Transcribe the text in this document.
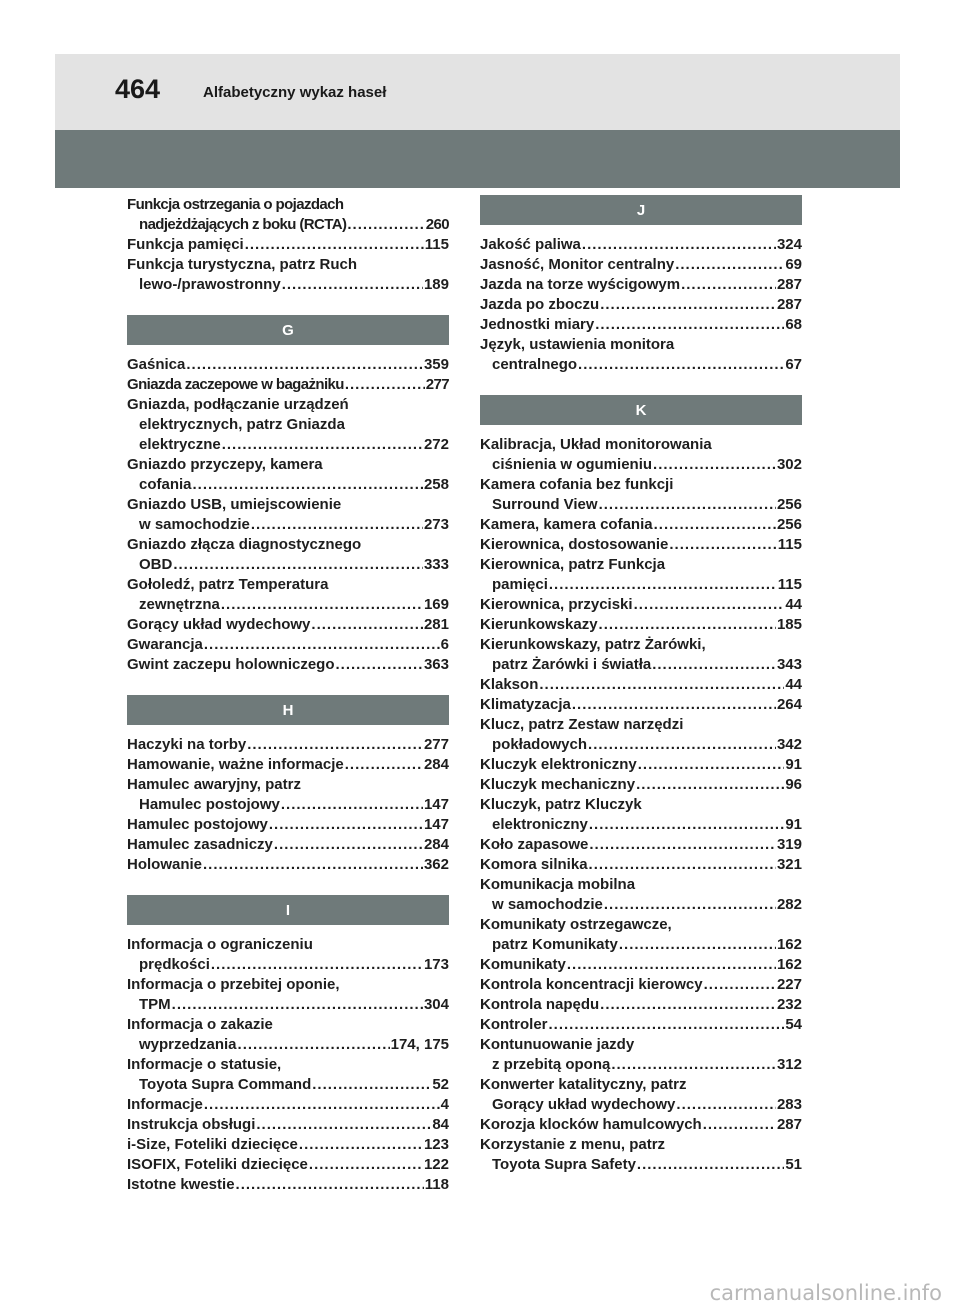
464	Alfabetyczny wykaz haseł
Funkcja ostrzegania o pojazdach
nadjeżdżających z boku (RCTA) .....	260
Funkcja pamięci .....	115
Funkcja turystyczna, patrz Ruch
lewo-/prawostronny .....	189
G
Gaśnica .....	359
Gniazda zaczepowe w bagażniku .....	277
Gniazda, podłączanie urządzeń
elektrycznych, patrz Gniazda
elektryczne .....	272
Gniazdo przyczepy, kamera
cofania .....	258
Gniazdo USB, umiejscowienie
w samochodzie .....	273
Gniazdo złącza diagnostycznego
OBD .....	333
Gołoledź, patrz Temperatura
zewnętrzna .....	169
Gorący układ wydechowy .....	281
Gwarancja .....	6
Gwint zaczepu holowniczego .....	363
H
Haczyki na torby .....	277
Hamowanie, ważne informacje .....	284
Hamulec awaryjny, patrz
Hamulec postojowy .....	147
Hamulec postojowy .....	147
Hamulec zasadniczy .....	284
Holowanie .....	362
I
Informacja o ograniczeniu
prędkości .....	173
Informacja o przebitej oponie,
TPM .....	304
Informacja o zakazie
wyprzedzania .....	174, 175
Informacje o statusie,
Toyota Supra Command .....	52
Informacje .....	4
Instrukcja obsługi .....	84
i-Size, Foteliki dziecięce .....	123
ISOFIX, Foteliki dziecięce .....	122
Istotne kwestie .....	118
J
Jakość paliwa .....	324
Jasność, Monitor centralny .....	69
Jazda na torze wyścigowym .....	287
Jazda po zboczu .....	287
Jednostki miary .....	68
Język, ustawienia monitora
centralnego .....	67
K
Kalibracja, Układ monitorowania
ciśnienia w ogumieniu .....	302
Kamera cofania bez funkcji
Surround View .....	256
Kamera, kamera cofania .....	256
Kierownica, dostosowanie .....	115
Kierownica, patrz Funkcja
pamięci .....	115
Kierownica, przyciski .....	44
Kierunkowskazy .....	185
Kierunkowskazy, patrz Żarówki,
patrz Żarówki i światła .....	343
Klakson .....	44
Klimatyzacja .....	264
Klucz, patrz Zestaw narzędzi
pokładowych .....	342
Kluczyk elektroniczny .....	91
Kluczyk mechaniczny .....	96
Kluczyk, patrz Kluczyk
elektroniczny .....	91
Koło zapasowe .....	319
Komora silnika .....	321
Komunikacja mobilna
w samochodzie .....	282
Komunikaty ostrzegawcze,
patrz Komunikaty .....	162
Komunikaty .....	162
Kontrola koncentracji kierowcy .....	227
Kontrola napędu .....	232
Kontroler .....	54
Kontunuowanie jazdy
z przebitą oponą .....	312
Konwerter katalityczny, patrz
Gorący układ wydechowy .....	283
Korozja klocków hamulcowych .....	287
Korzystanie z menu, patrz
Toyota Supra Safety .....	51
carmanualsonline.info
